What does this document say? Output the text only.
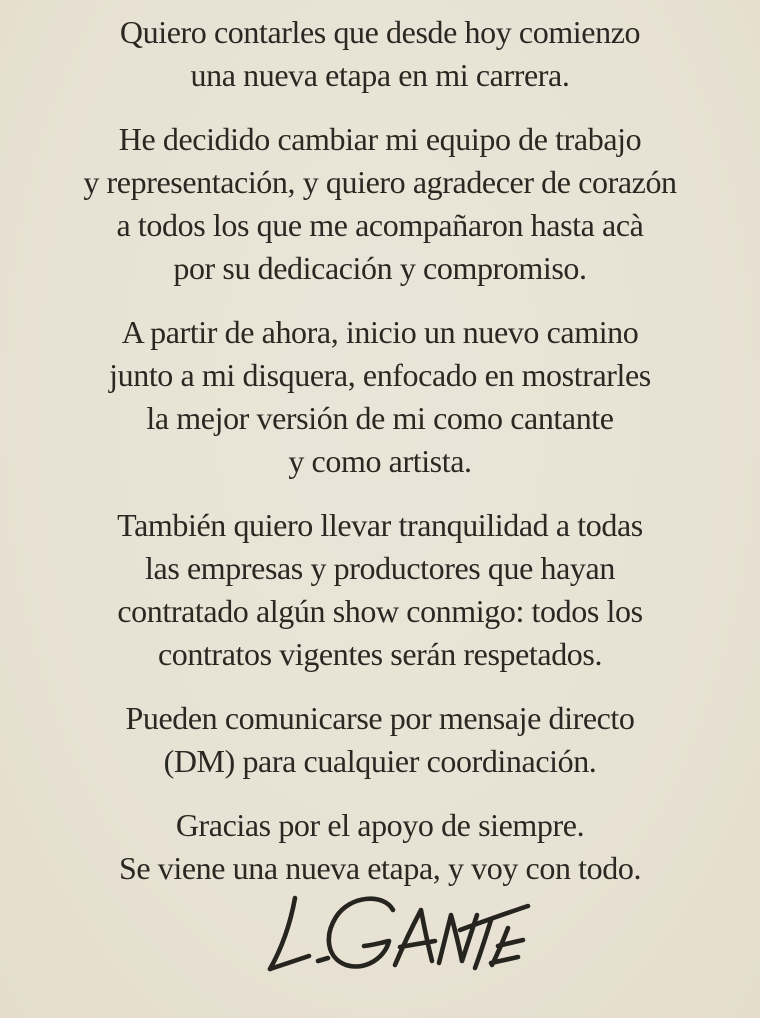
Quiero contarles que desde hoy comienzo
una nueva etapa en mi carrera.
He decidido cambiar mi equipo de trabajo
y representación, y quiero agradecer de corazón
a todos los que me acompañaron hasta acà
por su dedicación y compromiso.
A partir de ahora, inicio un nuevo camino
junto a mi disquera, enfocado en mostrarles
la mejor versión de mi como cantante
y como artista.
También quiero llevar tranquilidad a todas
las empresas y productores que hayan
contratado algún show conmigo: todos los
contratos vigentes serán respetados.
Pueden comunicarse por mensaje directo
(DM) para cualquier coordinación.
Gracias por el apoyo de siempre.
Se viene una nueva etapa, y voy con todo.
